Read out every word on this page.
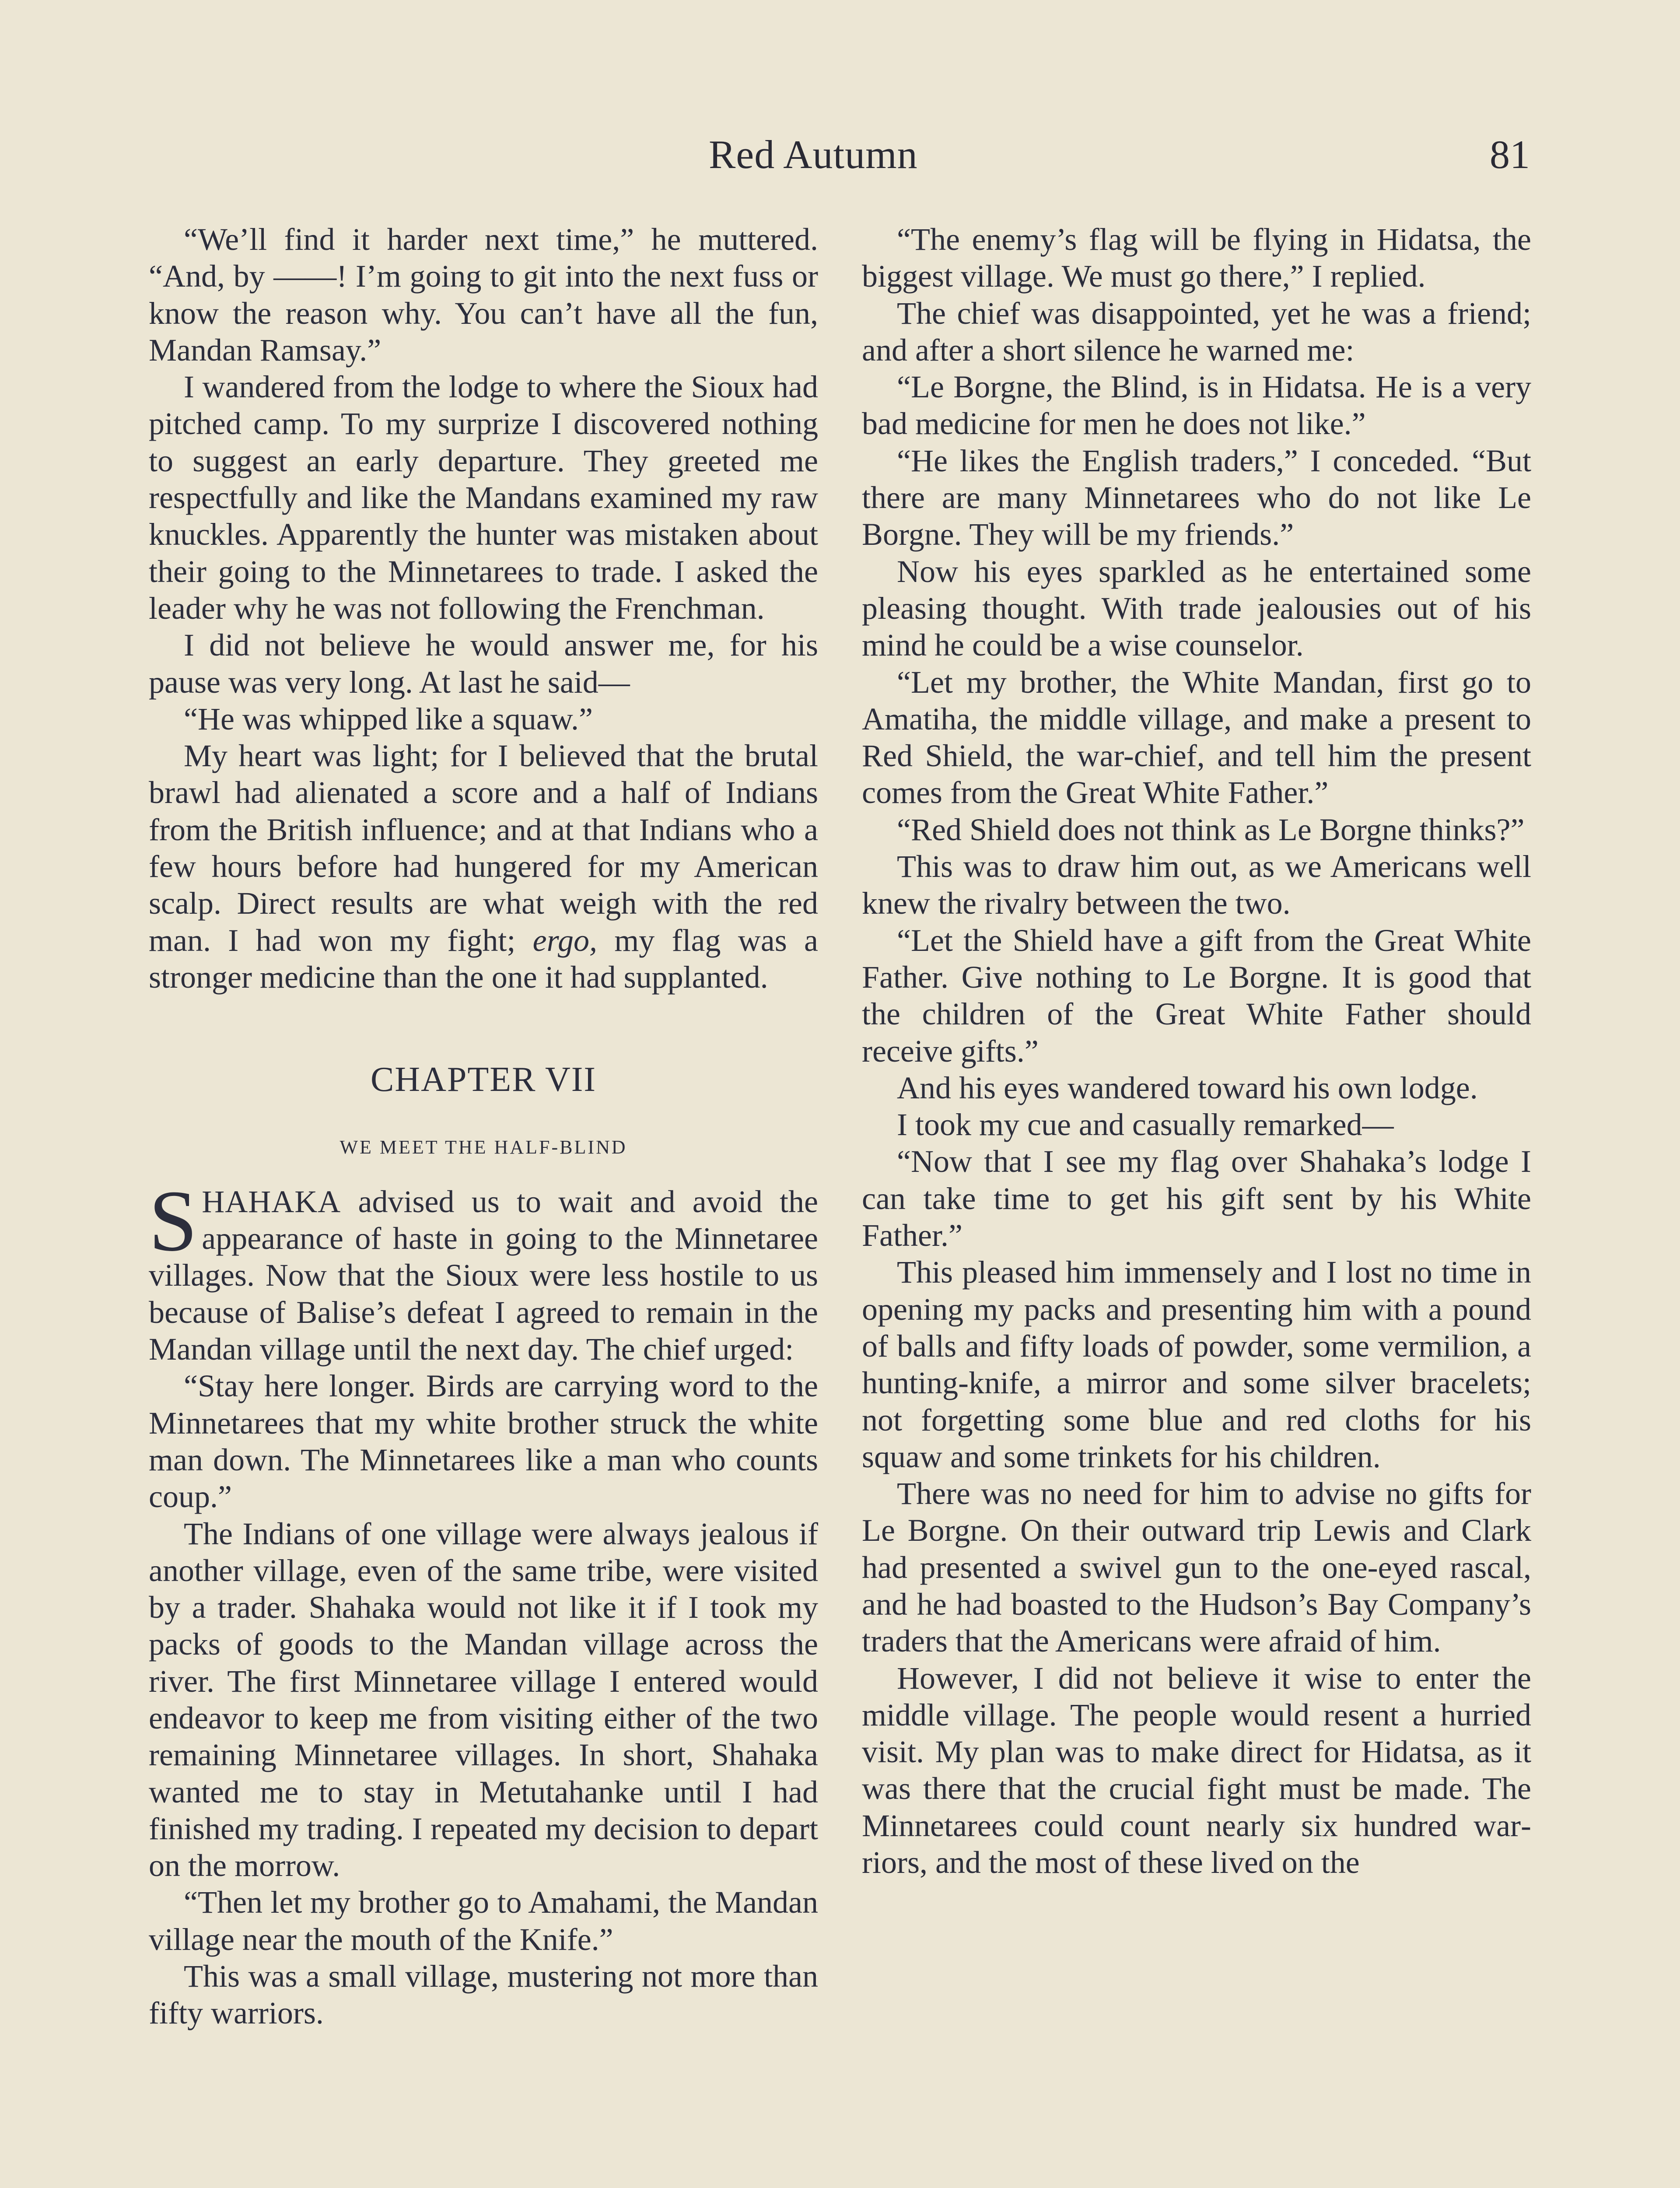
Red Autumn	81

“We’ll find it harder next time,” he muttered. “And, by ——! I’m going to git into the next fuss or know the reason why. You can’t have all the fun, Mandan Ramsay.”

I wandered from the lodge to where the Sioux had pitched camp. To my surprize I discovered nothing to suggest an early departure. They greeted me respectfully and like the Mandans examined my raw knuckles. Apparently the hunter was mistaken about their going to the Minnetarees to trade. I asked the leader why he was not following the Frenchman.

I did not believe he would answer me, for his pause was very long. At last he said—

“He was whipped like a squaw.”

My heart was light; for I believed that the brutal brawl had alienated a score and a half of Indians from the British influence; and at that Indians who a few hours before had hungered for my American scalp. Direct results are what weigh with the red man. I had won my fight; ergo, my flag was a stronger medicine than the one it had supplanted.

CHAPTER VII
WE MEET THE HALF-BLIND

SHAHAKA advised us to wait and avoid the appearance of haste in going to the Minnetaree villages. Now that the Sioux were less hostile to us because of Balise’s defeat I agreed to remain in the Mandan village until the next day. The chief urged:

“Stay here longer. Birds are carrying word to the Minnetarees that my white brother struck the white man down. The Minnetarees like a man who counts coup.”

The Indians of one village were always jealous if another village, even of the same tribe, were visited by a trader. Shahaka would not like it if I took my packs of goods to the Mandan village across the river. The first Minnetaree village I entered would endeavor to keep me from visiting either of the two remaining Minnetaree villages. In short, Shahaka wanted me to stay in Metutahanke until I had finished my trading. I repeated my decision to depart on the morrow.

“Then let my brother go to Amahami, the Mandan village near the mouth of the Knife.”

This was a small village, mustering not more than fifty warriors.

“The enemy’s flag will be flying in Hidatsa, the biggest village. We must go there,” I replied.

The chief was disappointed, yet he was a friend; and after a short silence he warned me:

“Le Borgne, the Blind, is in Hidatsa. He is a very bad medicine for men he does not like.”

“He likes the English traders,” I conceded. “But there are many Minnetarees who do not like Le Borgne. They will be my friends.”

Now his eyes sparkled as he entertained some pleasing thought. With trade jealousies out of his mind he could be a wise counselor.

“Let my brother, the White Mandan, first go to Amatiha, the middle village, and make a present to Red Shield, the war-chief, and tell him the present comes from the Great White Father.”

“Red Shield does not think as Le Borgne thinks?”

This was to draw him out, as we Americans well knew the rivalry between the two.

“Let the Shield have a gift from the Great White Father. Give nothing to Le Borgne. It is good that the children of the Great White Father should receive gifts.”

And his eyes wandered toward his own lodge.

I took my cue and casually remarked—

“Now that I see my flag over Shahaka’s lodge I can take time to get his gift sent by his White Father.”

This pleased him immensely and I lost no time in opening my packs and presenting him with a pound of balls and fifty loads of powder, some vermilion, a hunting-knife, a mirror and some silver bracelets; not forgetting some blue and red cloths for his squaw and some trinkets for his children.

There was no need for him to advise no gifts for Le Borgne. On their outward trip Lewis and Clark had presented a swivel gun to the one-eyed rascal, and he had boasted to the Hudson’s Bay Company’s traders that the Americans were afraid of him.

However, I did not believe it wise to enter the middle village. The people would resent a hurried visit. My plan was to make direct for Hidatsa, as it was there that the crucial fight must be made. The Minnetarees could count nearly six hundred warriors, and the most of these lived on the
